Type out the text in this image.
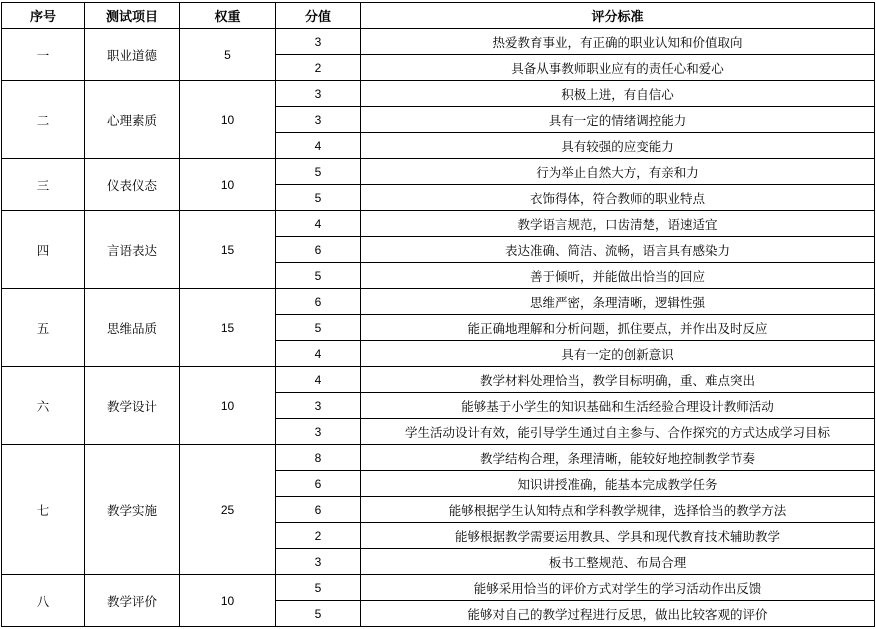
序号	测试项目	权重	分值	评分标准
一	职业道德	5	3	热爱教育事业，有正确的职业认知和价值取向
			2	具备从事教师职业应有的责任心和爱心
二	心理素质	10	3	积极上进，有自信心
			3	具有一定的情绪调控能力
			4	具有较强的应变能力
三	仪表仪态	10	5	行为举止自然大方，有亲和力
			5	衣饰得体，符合教师的职业特点
四	言语表达	15	4	教学语言规范，口齿清楚，语速适宜
			6	表达准确、简洁、流畅，语言具有感染力
			5	善于倾听，并能做出恰当的回应
五	思维品质	15	6	思维严密，条理清晰，逻辑性强
			5	能正确地理解和分析问题，抓住要点，并作出及时反应
			4	具有一定的创新意识
六	教学设计	10	4	教学材料处理恰当，教学目标明确，重、难点突出
			3	能够基于小学生的知识基础和生活经验合理设计教师活动
			3	学生活动设计有效，能引导学生通过自主参与、合作探究的方式达成学习目标
七	教学实施	25	8	教学结构合理，条理清晰，能较好地控制教学节奏
			6	知识讲授准确，能基本完成教学任务
			6	能够根据学生认知特点和学科教学规律，选择恰当的教学方法
			2	能够根据教学需要运用教具、学具和现代教育技术辅助教学
			3	板书工整规范、布局合理
八	教学评价	10	5	能够采用恰当的评价方式对学生的学习活动作出反馈
			5	能够对自己的教学过程进行反思，做出比较客观的评价
